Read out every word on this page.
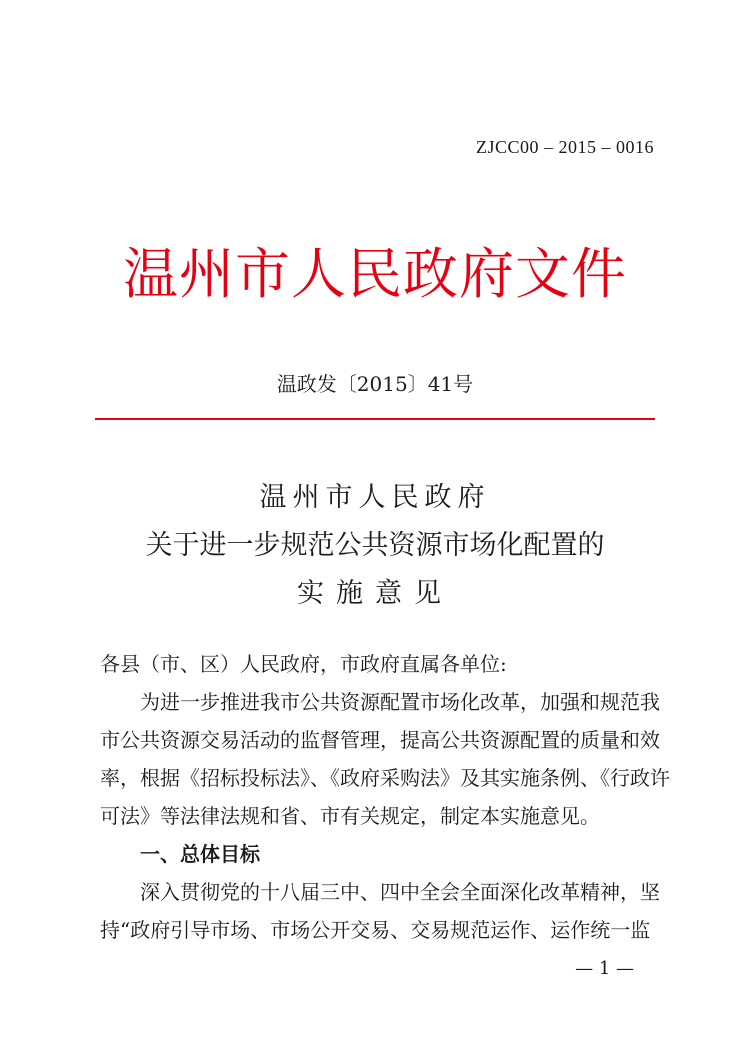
ZJCC00 – 2015 – 0016
温州市人民政府文件
温政发〔2015〕41号
温州市人民政府
关于进一步规范公共资源市场化配置的
实施意见

各县（市、区）人民政府，市政府直属各单位:

为进一步推进我市公共资源配置市场化改革，加强和规范我

市公共资源交易活动的监督管理，提高公共资源配置的质量和效

率，根据《招标投标法》、《政府采购法》及其实施条例、《行政许

可法》等法律法规和省、市有关规定，制定本实施意见。

一、总体目标

深入贯彻党的十八届三中、四中全会全面深化改革精神，坚

持“政府引导市场、市场公开交易、交易规范运作、运作统一监

— 1 —
